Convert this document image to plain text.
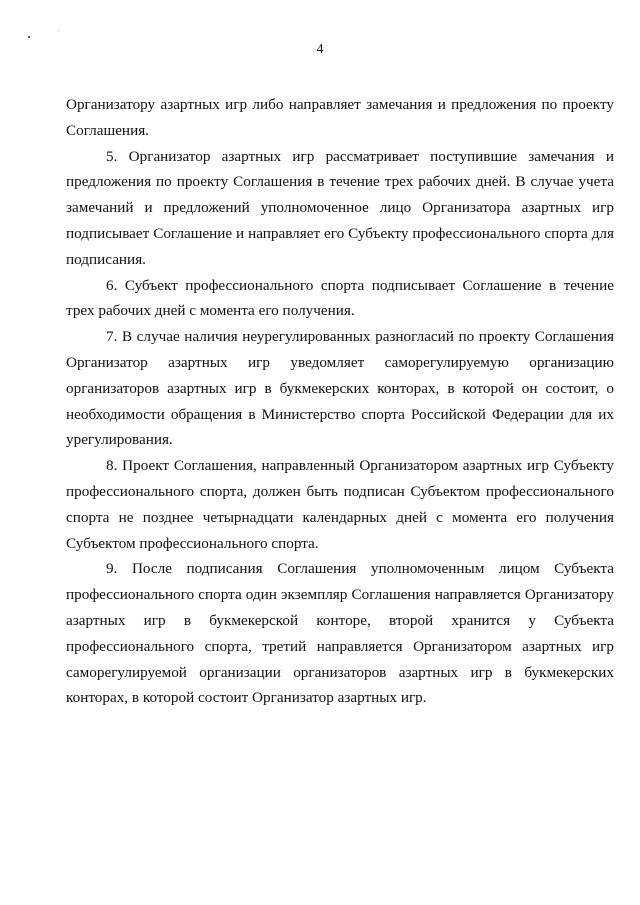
4

Организатору азартных игр либо направляет замечания и предложения по проекту Соглашения.

5. Организатор азартных игр рассматривает поступившие замечания и предложения по проекту Соглашения в течение трех рабочих дней. В случае учета замечаний и предложений уполномоченное лицо Организатора азартных игр подписывает Соглашение и направляет его Субъекту профессионального спорта для подписания.

6. Субъект профессионального спорта подписывает Соглашение в течение трех рабочих дней с момента его получения.

7. В случае наличия неурегулированных разногласий по проекту Соглашения Организатор азартных игр уведомляет саморегулируемую организацию организаторов азартных игр в букмекерских конторах, в которой он состоит, о необходимости обращения в Министерство спорта Российской Федерации для их урегулирования.

8. Проект Соглашения, направленный Организатором азартных игр Субъекту профессионального спорта, должен быть подписан Субъектом профессионального спорта не позднее четырнадцати календарных дней с момента его получения Субъектом профессионального спорта.

9. После подписания Соглашения уполномоченным лицом Субъекта профессионального спорта один экземпляр Соглашения направляется Организатору азартных игр в букмекерской конторе, второй хранится у Субъекта профессионального спорта, третий направляется Организатором азартных игр саморегулируемой организации организаторов азартных игр в букмекерских конторах, в которой состоит Организатор азартных игр.
